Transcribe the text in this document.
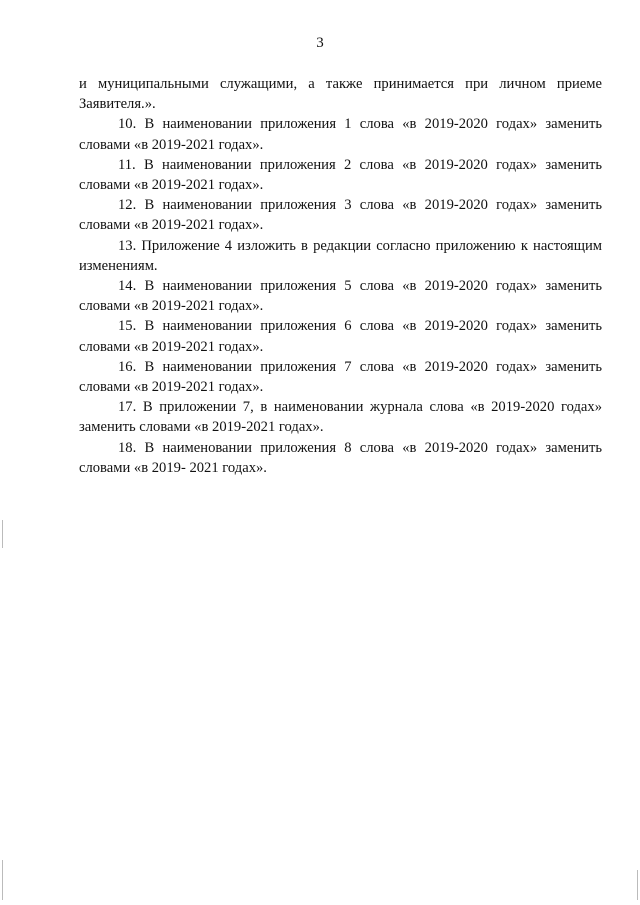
3

и муниципальными служащими, а также принимается при личном приеме Заявителя.».

10. В наименовании приложения 1 слова «в 2019-2020 годах» заменить словами «в 2019-2021 годах».

11. В наименовании приложения 2 слова «в 2019-2020 годах» заменить словами «в 2019-2021 годах».

12. В наименовании приложения 3 слова «в 2019-2020 годах» заменить словами «в 2019-2021 годах».

13. Приложение 4 изложить в редакции согласно приложению к настоящим изменениям.

14. В наименовании приложения 5 слова «в 2019-2020 годах» заменить словами «в 2019-2021 годах».

15. В наименовании приложения 6 слова «в 2019-2020 годах» заменить словами «в 2019-2021 годах».

16. В наименовании приложения 7 слова «в 2019-2020 годах» заменить словами «в 2019-2021 годах».

17. В приложении 7, в наименовании журнала слова «в 2019-2020 годах» заменить словами «в 2019-2021 годах».

18. В наименовании приложения 8 слова «в 2019-2020 годах» заменить словами «в 2019- 2021 годах».
